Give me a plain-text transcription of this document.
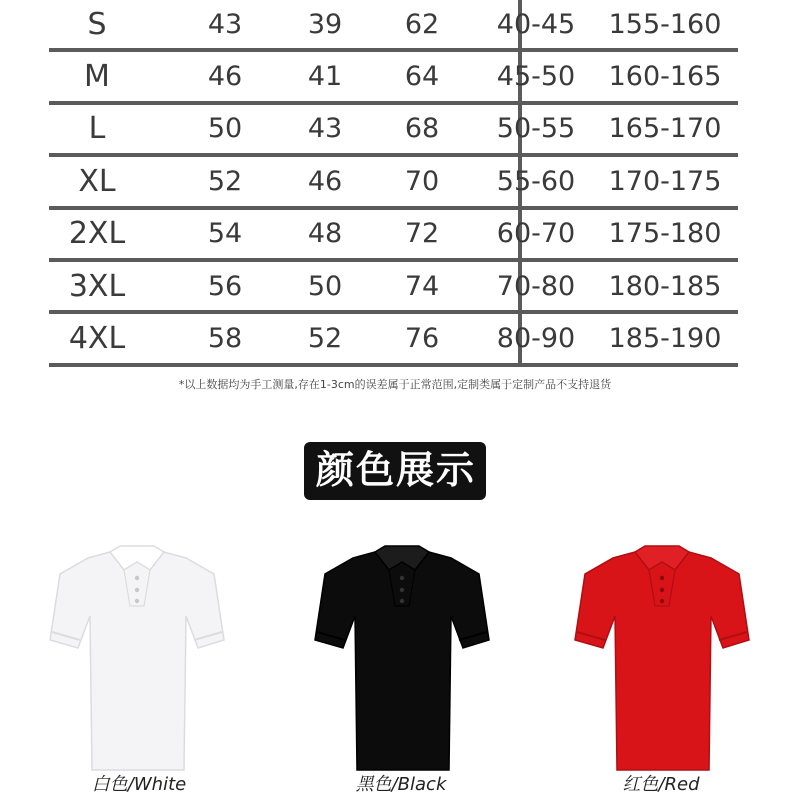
S	43	39	62	40-45	155-160
M	46	41	64	45-50	160-165
L	50	43	68	50-55	165-170
XL	52	46	70	55-60	170-175
2XL	54	48	72	60-70	175-180
3XL	56	50	74	70-80	180-185
4XL	58	52	76	80-90	185-190
*以上数据均为手工测量,存在1-3cm的误差属于正常范围,定制类属于定制产品不支持退货
颜色展示
白色/White	黑色/Black	红色/Red
